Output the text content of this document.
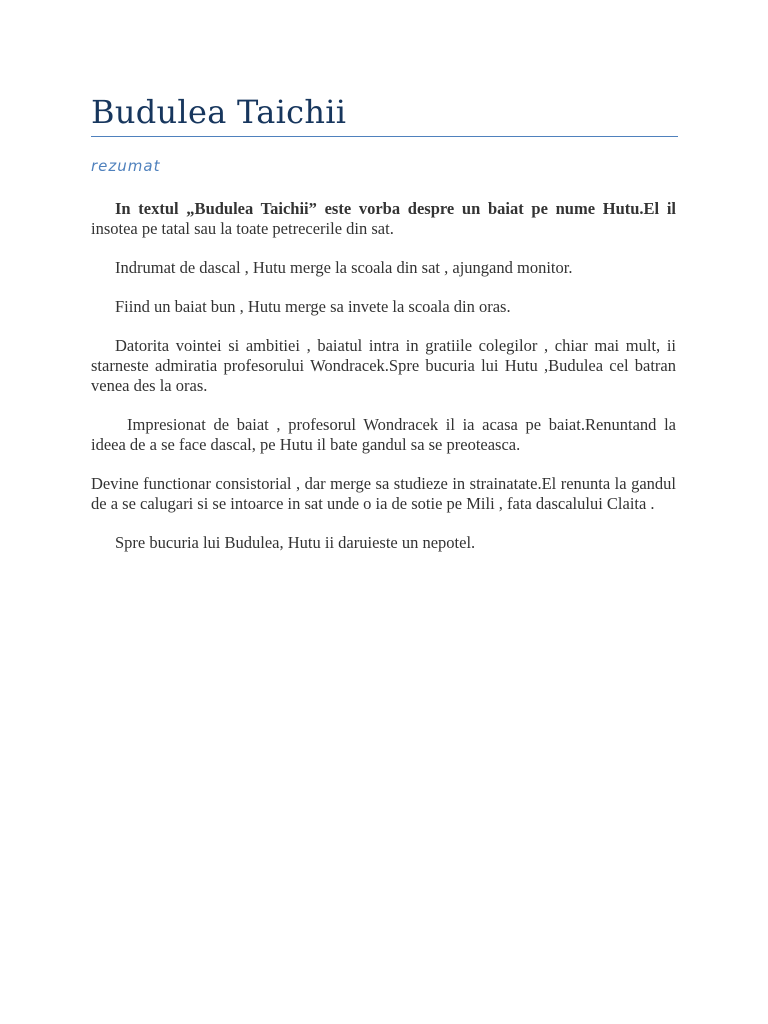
Budulea Taichii
rezumat

In textul „Budulea Taichii” este vorba despre un baiat pe nume Hutu.El il insotea pe tatal sau la toate petrecerile din sat.

Indrumat de dascal , Hutu merge la scoala din sat , ajungand monitor.

Fiind un baiat bun , Hutu merge sa invete la scoala din oras.

Datorita vointei si ambitiei , baiatul intra in gratiile colegilor , chiar mai mult, ii starneste admiratia profesorului Wondracek.Spre bucuria lui Hutu ,Budulea cel batran venea des la oras.

Impresionat de baiat , profesorul Wondracek il ia acasa pe baiat.Renuntand la ideea de a se face dascal, pe Hutu il bate gandul sa se preoteasca.

Devine functionar consistorial , dar merge sa studieze in strainatate.El renunta la gandul de a se calugari si se intoarce in sat unde o ia de sotie pe Mili , fata dascalului Claita .

Spre bucuria lui Budulea, Hutu ii daruieste un nepotel.
